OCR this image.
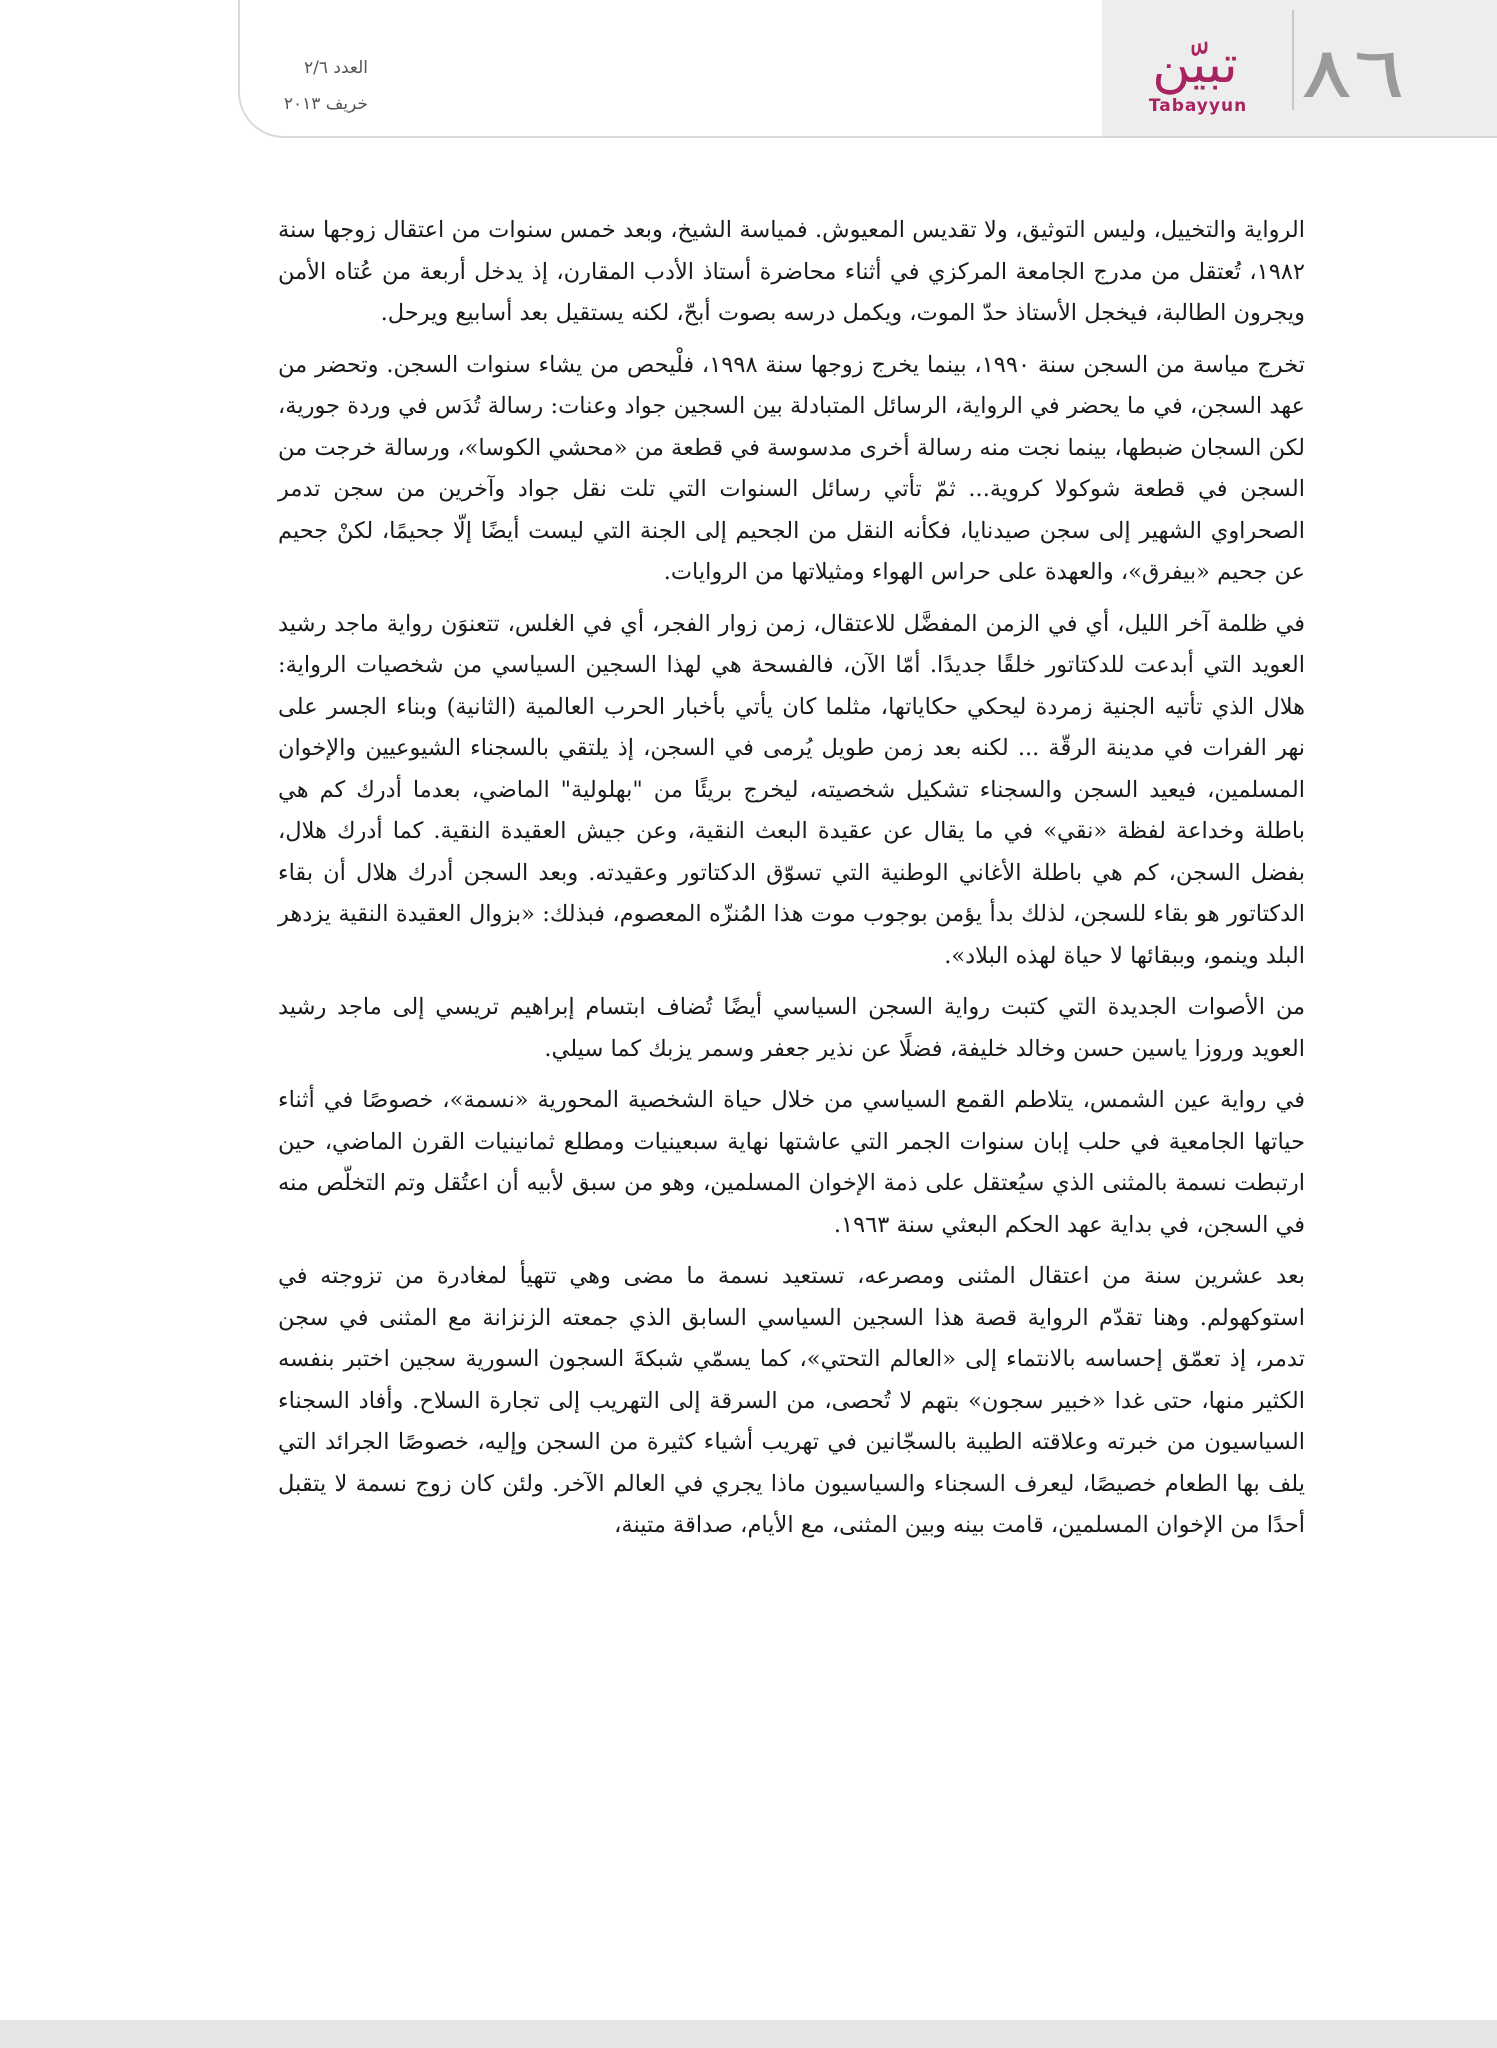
العدد ٢/٦
خريف ٢٠١٣
تبيّن
Tabayyun ٨٦

الرواية والتخييل، وليس التوثيق، ولا تقديس المعيوش. فمياسة الشيخ، وبعد خمس سنوات من اعتقال زوجها سنة ١٩٨٢، تُعتقل من مدرج الجامعة المركزي في أثناء محاضرة أستاذ الأدب المقارن، إذ يدخل أربعة من عُتاه الأمن ويجرون الطالبة، فيخجل الأستاذ حدّ الموت، ويكمل درسه بصوت أبحّ، لكنه يستقيل بعد أسابيع ويرحل.

تخرج مياسة من السجن سنة ١٩٩٠، بينما يخرج زوجها سنة ١٩٩٨، فلْيحص من يشاء سنوات السجن. وتحضر من عهد السجن، في ما يحضر في الرواية، الرسائل المتبادلة بين السجين جواد وعنات: رسالة تُدَس في وردة جورية، لكن السجان ضبطها، بينما نجت منه رسالة أخرى مدسوسة في قطعة من «محشي الكوسا»، ورسالة خرجت من السجن في قطعة شوكولا كروية... ثمّ تأتي رسائل السنوات التي تلت نقل جواد وآخرين من سجن تدمر الصحراوي الشهير إلى سجن صيدنايا، فكأنه النقل من الجحيم إلى الجنة التي ليست أيضًا إلّا جحيمًا، لكنْ جحيم عن جحيم «بيفرق»، والعهدة على حراس الهواء ومثيلاتها من الروايات.

في ظلمة آخر الليل، أي في الزمن المفضَّل للاعتقال، زمن زوار الفجر، أي في الغلس، تتعنوَن رواية ماجد رشيد العويد التي أبدعت للدكتاتور خلقًا جديدًا. أمّا الآن، فالفسحة هي لهذا السجين السياسي من شخصيات الرواية: هلال الذي تأتيه الجنية زمردة ليحكي حكاياتها، مثلما كان يأتي بأخبار الحرب العالمية (الثانية) وبناء الجسر على نهر الفرات في مدينة الرقّة ... لكنه بعد زمن طويل يُرمى في السجن، إذ يلتقي بالسجناء الشيوعيين والإخوان المسلمين، فيعيد السجن والسجناء تشكيل شخصيته، ليخرج بريئًا من "بهلولية" الماضي، بعدما أدرك كم هي باطلة وخداعة لفظة «نقي» في ما يقال عن عقيدة البعث النقية، وعن جيش العقيدة النقية. كما أدرك هلال، بفضل السجن، كم هي باطلة الأغاني الوطنية التي تسوّق الدكتاتور وعقيدته. وبعد السجن أدرك هلال أن بقاء الدكتاتور هو بقاء للسجن، لذلك بدأ يؤمن بوجوب موت هذا المُنزّه المعصوم، فبذلك: «بزوال العقيدة النقية يزدهر البلد وينمو، وببقائها لا حياة لهذه البلاد».

من الأصوات الجديدة التي كتبت رواية السجن السياسي أيضًا تُضاف ابتسام إبراهيم تريسي إلى ماجد رشيد العويد وروزا ياسين حسن وخالد خليفة، فضلًا عن نذير جعفر وسمر يزبك كما سيلي.

في رواية عين الشمس، يتلاطم القمع السياسي من خلال حياة الشخصية المحورية «نسمة»، خصوصًا في أثناء حياتها الجامعية في حلب إبان سنوات الجمر التي عاشتها نهاية سبعينيات ومطلع ثمانينيات القرن الماضي، حين ارتبطت نسمة بالمثنى الذي سيُعتقل على ذمة الإخوان المسلمين، وهو من سبق لأبيه أن اعتُقل وتم التخلّص منه في السجن، في بداية عهد الحكم البعثي سنة ١٩٦٣.

بعد عشرين سنة من اعتقال المثنى ومصرعه، تستعيد نسمة ما مضى وهي تتهيأ لمغادرة من تزوجته في استوكهولم. وهنا تقدّم الرواية قصة هذا السجين السياسي السابق الذي جمعته الزنزانة مع المثنى في سجن تدمر، إذ تعمّق إحساسه بالانتماء إلى «العالم التحتي»، كما يسمّي شبكةَ السجون السورية سجين اختبر بنفسه الكثير منها، حتى غدا «خبير سجون» بتهم لا تُحصى، من السرقة إلى التهريب إلى تجارة السلاح. وأفاد السجناء السياسيون من خبرته وعلاقته الطيبة بالسجّانين في تهريب أشياء كثيرة من السجن وإليه، خصوصًا الجرائد التي يلف بها الطعام خصيصًا، ليعرف السجناء والسياسيون ماذا يجري في العالم الآخر. ولئن كان زوج نسمة لا يتقبل أحدًا من الإخوان المسلمين، قامت بينه وبين المثنى، مع الأيام، صداقة متينة،
